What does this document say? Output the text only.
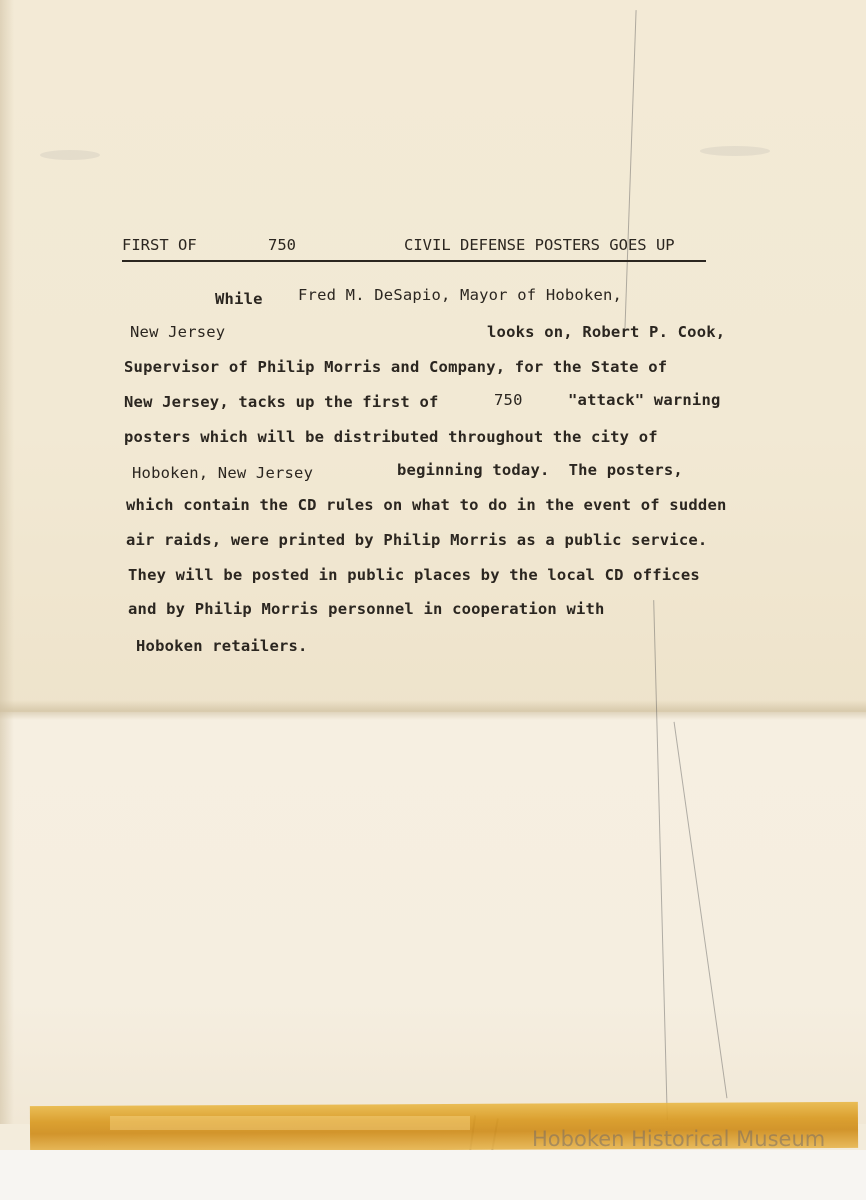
FIRST OF	750	CIVIL DEFENSE POSTERS GOES UP
While Fred M. DeSapio, Mayor of Hoboken,
New Jersey	looks on, Robert P. Cook,
Supervisor of Philip Morris and Company, for the State of
New Jersey, tacks up the first of	750	"attack" warning
posters which will be distributed throughout the city of
Hoboken, New Jersey	beginning today.  The posters,
which contain the CD rules on what to do in the event of sudden
air raids, were printed by Philip Morris as a public service.
They will be posted in public places by the local CD offices
and by Philip Morris personnel in cooperation with
Hoboken retailers.
Hoboken Historical Museum
